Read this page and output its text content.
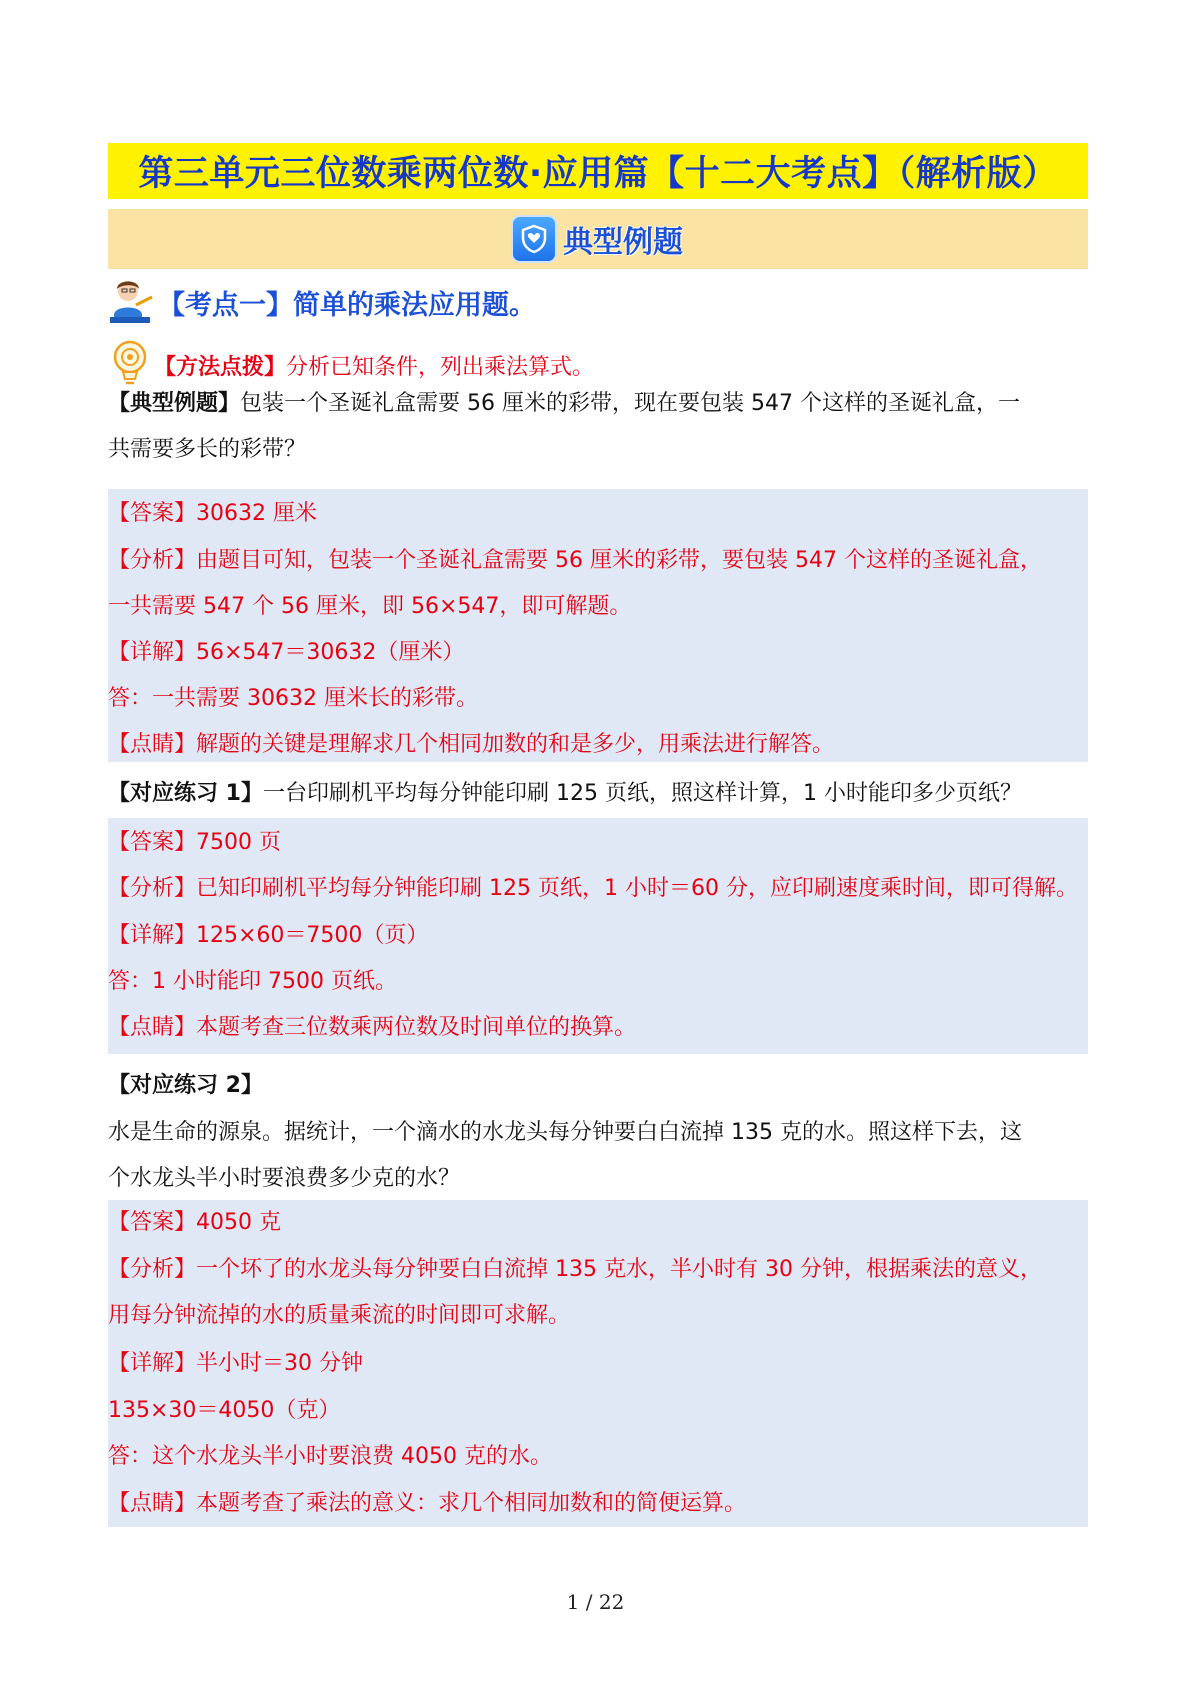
第三单元三位数乘两位数·应用篇【十二大考点】（解析版）
典型例题
【考点一】简单的乘法应用题。
【方法点拨】 分析已知条件，列出乘法算式。
【典型例题】包装一个圣诞礼盒需要 56 厘米的彩带，现在要包装 547 个这样的圣诞礼盒，一
共需要多长的彩带？
【答案】30632 厘米
【分析】由题目可知，包装一个圣诞礼盒需要 56 厘米的彩带，要包装 547 个这样的圣诞礼盒，
一共需要 547 个 56 厘米，即 56×547，即可解题。
【详解】56×547＝30632（厘米）
答：一共需要 30632 厘米长的彩带。
【点睛】解题的关键是理解求几个相同加数的和是多少，用乘法进行解答。
【对应练习 1】一台印刷机平均每分钟能印刷 125 页纸，照这样计算，1 小时能印多少页纸？
【答案】7500 页
【分析】已知印刷机平均每分钟能印刷 125 页纸，1 小时＝60 分，应印刷速度乘时间，即可得解。
【详解】125×60＝7500（页）
答：1 小时能印 7500 页纸。
【点睛】本题考查三位数乘两位数及时间单位的换算。
【对应练习 2】
水是生命的源泉。据统计，一个滴水的水龙头每分钟要白白流掉 135 克的水。照这样下去，这
个水龙头半小时要浪费多少克的水？
【答案】4050 克
【分析】一个坏了的水龙头每分钟要白白流掉 135 克水，半小时有 30 分钟，根据乘法的意义，
用每分钟流掉的水的质量乘流的时间即可求解。
【详解】半小时＝30 分钟
135×30＝4050（克）
答：这个水龙头半小时要浪费 4050 克的水。
【点睛】本题考查了乘法的意义：求几个相同加数和的简便运算。
1 / 22
